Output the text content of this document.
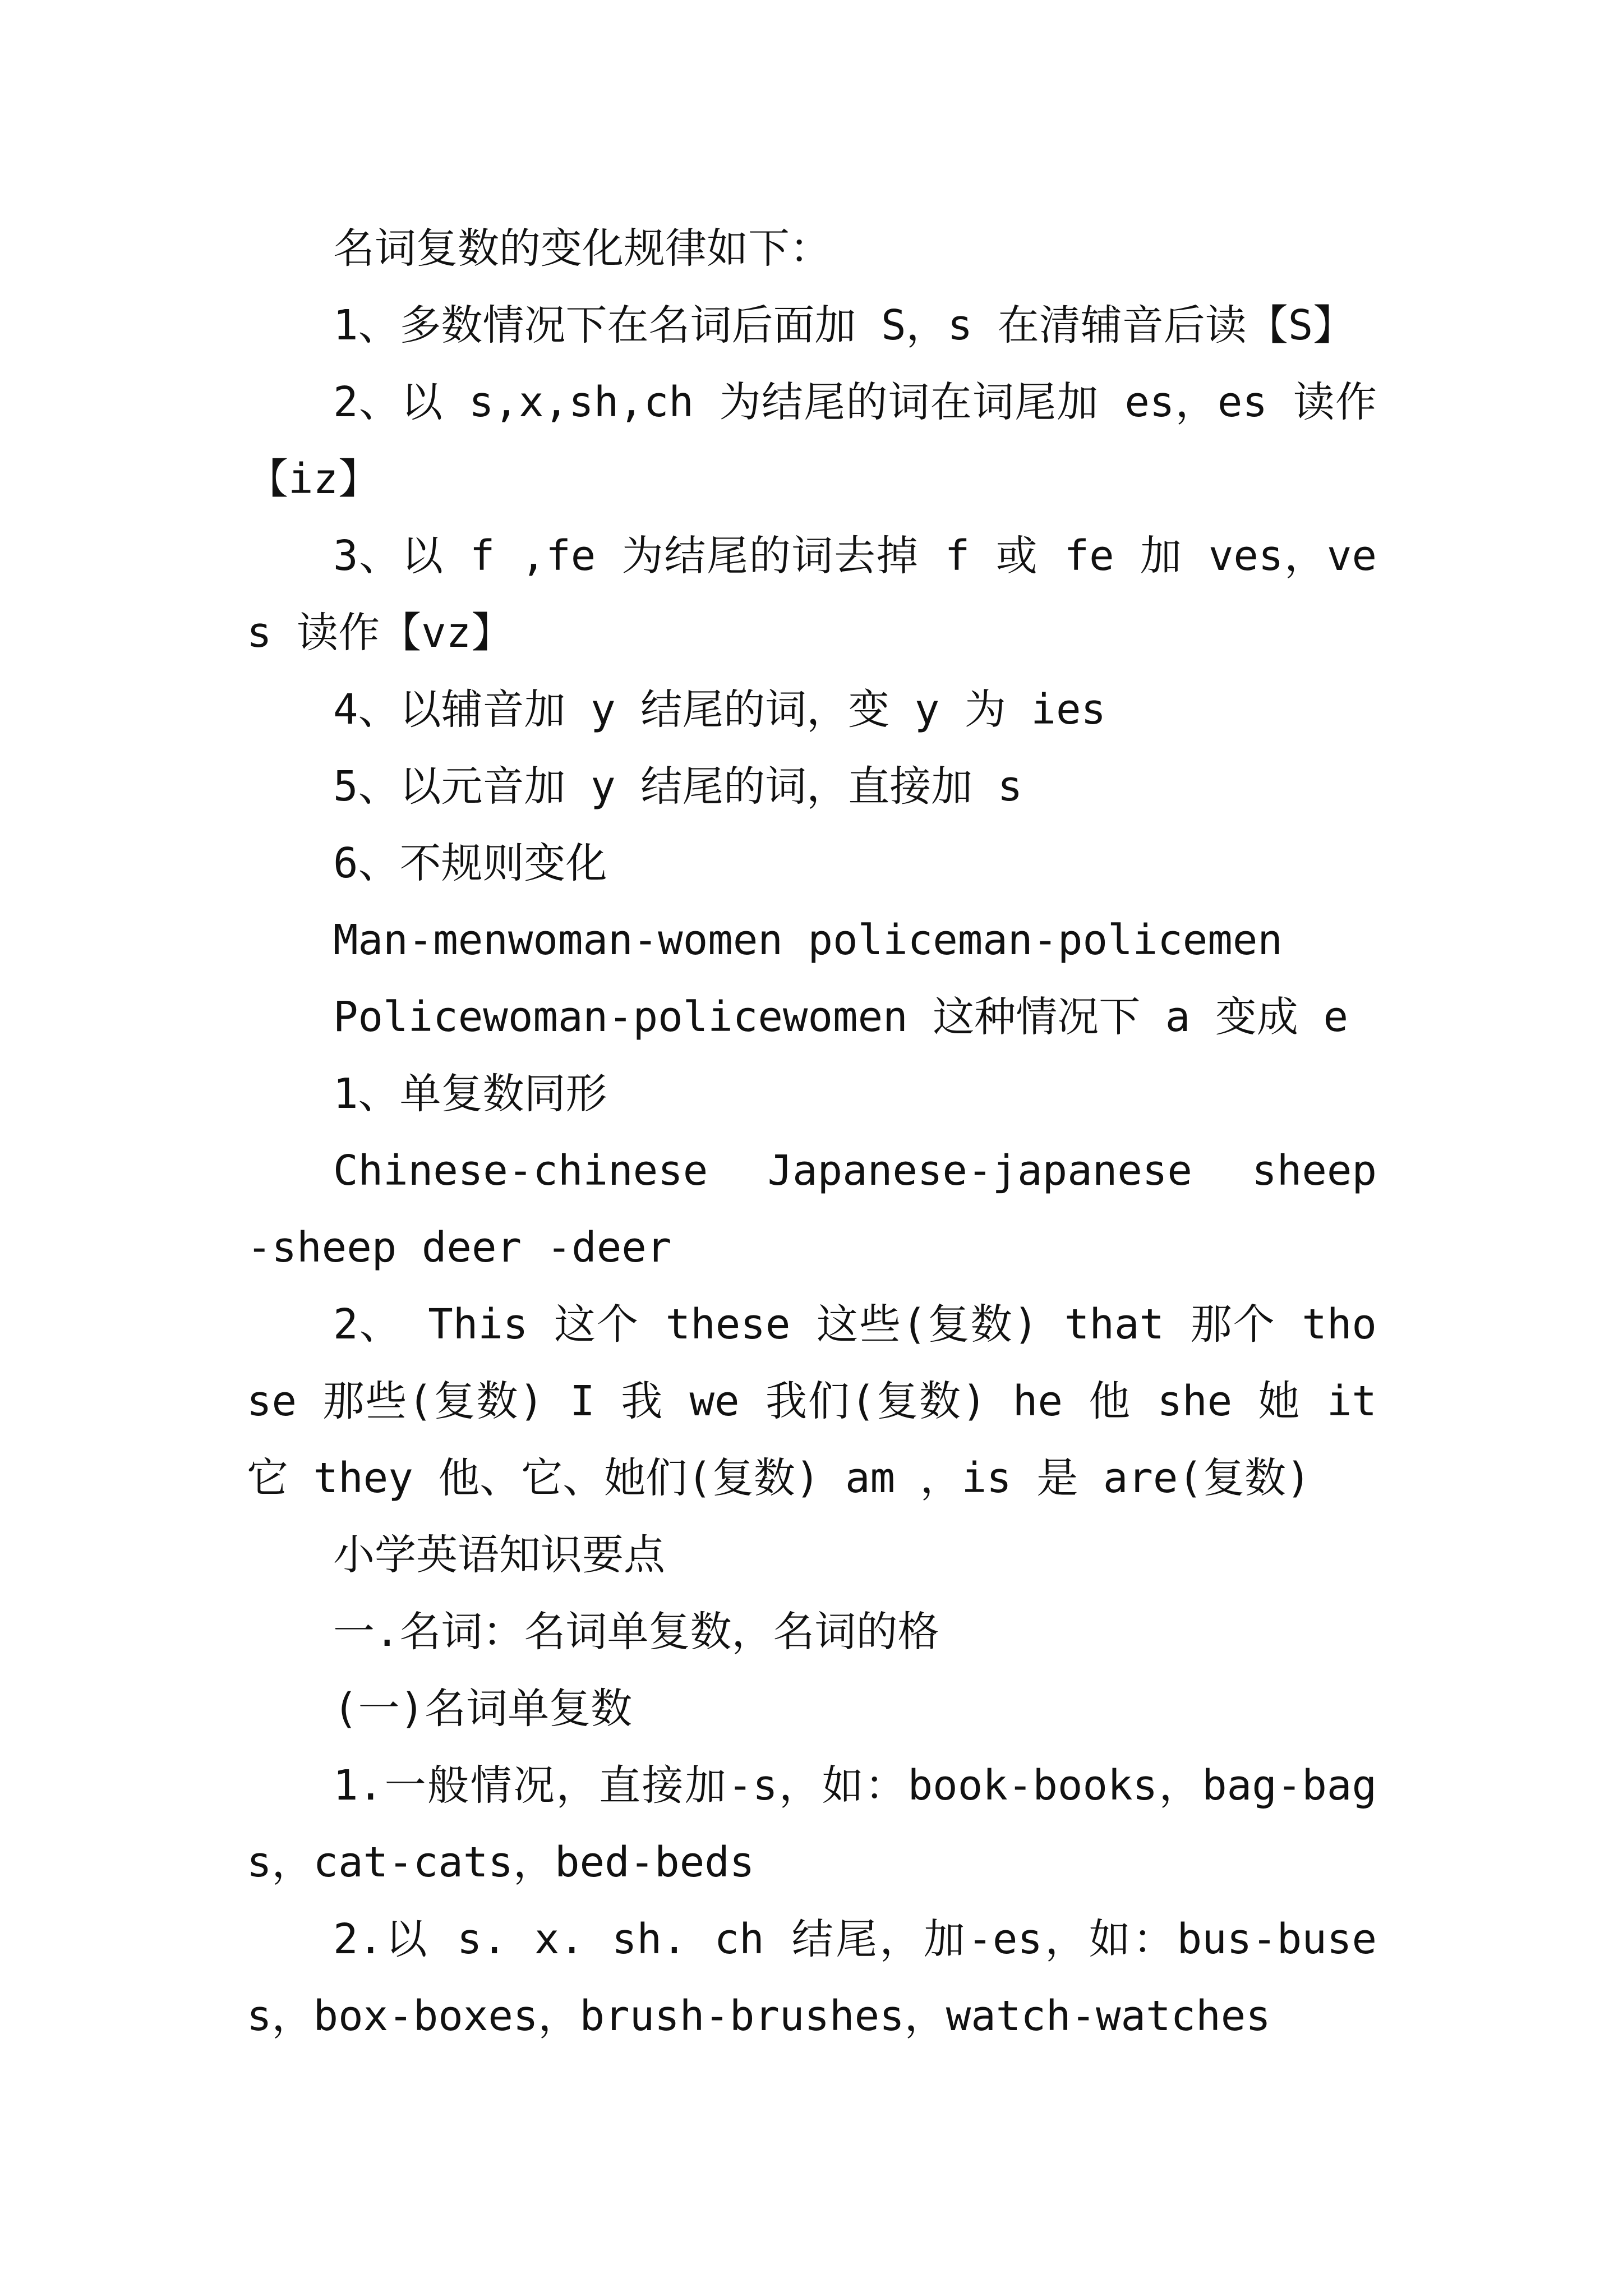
名词复数的变化规律如下：

1、多数情况下在名词后面加 S，s 在清辅音后读【S】

2、以 s,x,sh,ch 为结尾的词在词尾加 es，es 读作【iz】

3、以 f ,fe 为结尾的词去掉 f 或 fe 加 ves，ves 读作【vz】

4、以辅音加 y 结尾的词，变 y 为 ies

5、以元音加 y 结尾的词，直接加 s

6、不规则变化

Man-menwoman-women policeman-policemen

Policewoman-policewomen 这种情况下 a 变成 e

1、单复数同形

Chinese-chinese  Japanese-japanese  sheep  -sheep deer -deer

2、 This 这个 these 这些(复数) that 那个 those 那些(复数) I 我 we 我们(复数) he 他 she 她 it 它 they 他、它、她们(复数) am ，is 是 are(复数)

小学英语知识要点

一.名词：名词单复数，名词的格

(一)名词单复数

1.一般情况，直接加-s，如：book-books，bag-bags，cat-cats，bed-beds

2.以 s. x. sh. ch 结尾，加-es，如：bus-buses，box-boxes，brush-brushes，watch-watches
